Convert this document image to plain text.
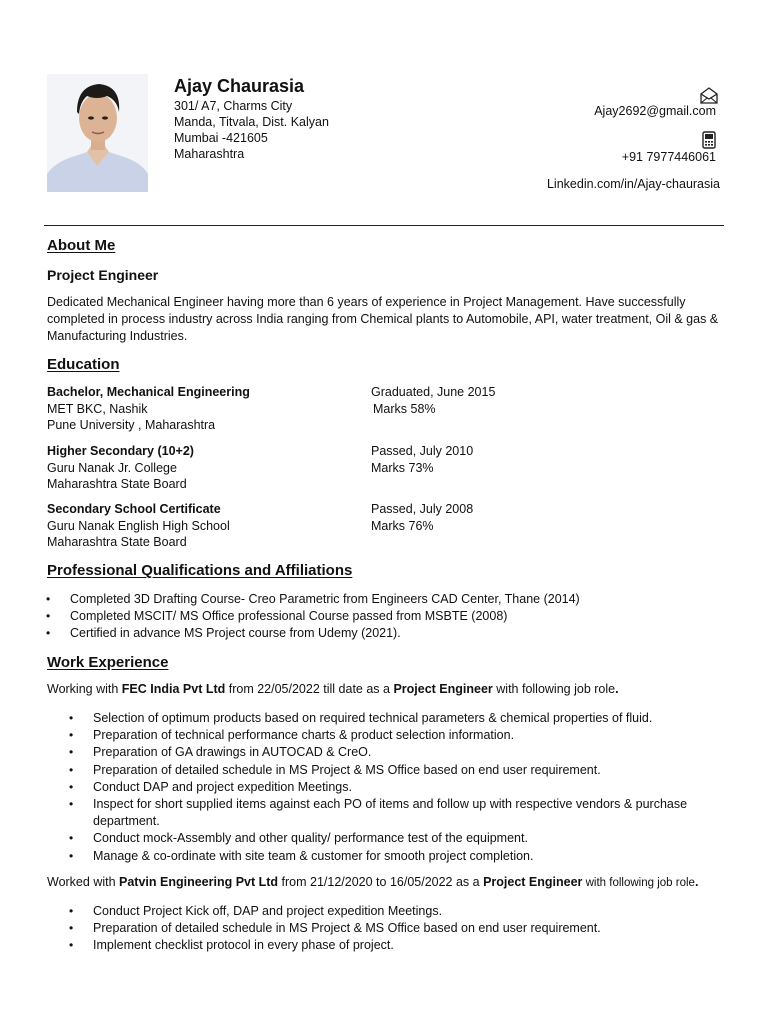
Ajay Chaurasia
301/ A7, Charms City
Manda, Titvala, Dist. Kalyan
Mumbai -421605
Maharashtra
Ajay2692@gmail.com
+91 7977446061
Linkedin.com/in/Ajay-chaurasia
About Me
Project Engineer
Dedicated Mechanical Engineer having more than 6 years of experience in Project Management. Have successfully completed in process industry across India ranging from Chemical plants to Automobile, API, water treatment, Oil & gas & Manufacturing Industries.
Education
Bachelor, Mechanical Engineering
MET BKC, Nashik
Pune University , Maharashtra
Graduated, June 2015
Marks 58%
Higher Secondary (10+2)
Guru Nanak Jr. College
Maharashtra State Board
Passed, July 2010
Marks 73%
Secondary School Certificate
Guru Nanak English High School
Maharashtra State Board
Passed, July 2008
Marks 76%
Professional Qualifications and Affiliations
• Completed 3D Drafting Course- Creo Parametric from Engineers CAD Center, Thane (2014)
• Completed MSCIT/ MS Office professional Course passed from MSBTE (2008)
• Certified in advance MS Project course from Udemy (2021).
Work Experience
Working with FEC India Pvt Ltd from 22/05/2022 till date as a Project Engineer with following job role.
• Selection of optimum products based on required technical parameters & chemical properties of fluid.
• Preparation of technical performance charts & product selection information.
• Preparation of GA drawings in AUTOCAD & CreO.
• Preparation of detailed schedule in MS Project & MS Office based on end user requirement.
• Conduct DAP and project expedition Meetings.
• Inspect for short supplied items against each PO of items and follow up with respective vendors & purchase department.
• Conduct mock-Assembly and other quality/ performance test of the equipment.
• Manage & co-ordinate with site team & customer for smooth project completion.
Worked with Patvin Engineering Pvt Ltd from 21/12/2020 to 16/05/2022 as a Project Engineer with following job role.
• Conduct Project Kick off, DAP and project expedition Meetings.
• Preparation of detailed schedule in MS Project & MS Office based on end user requirement.
• Implement checklist protocol in every phase of project.
